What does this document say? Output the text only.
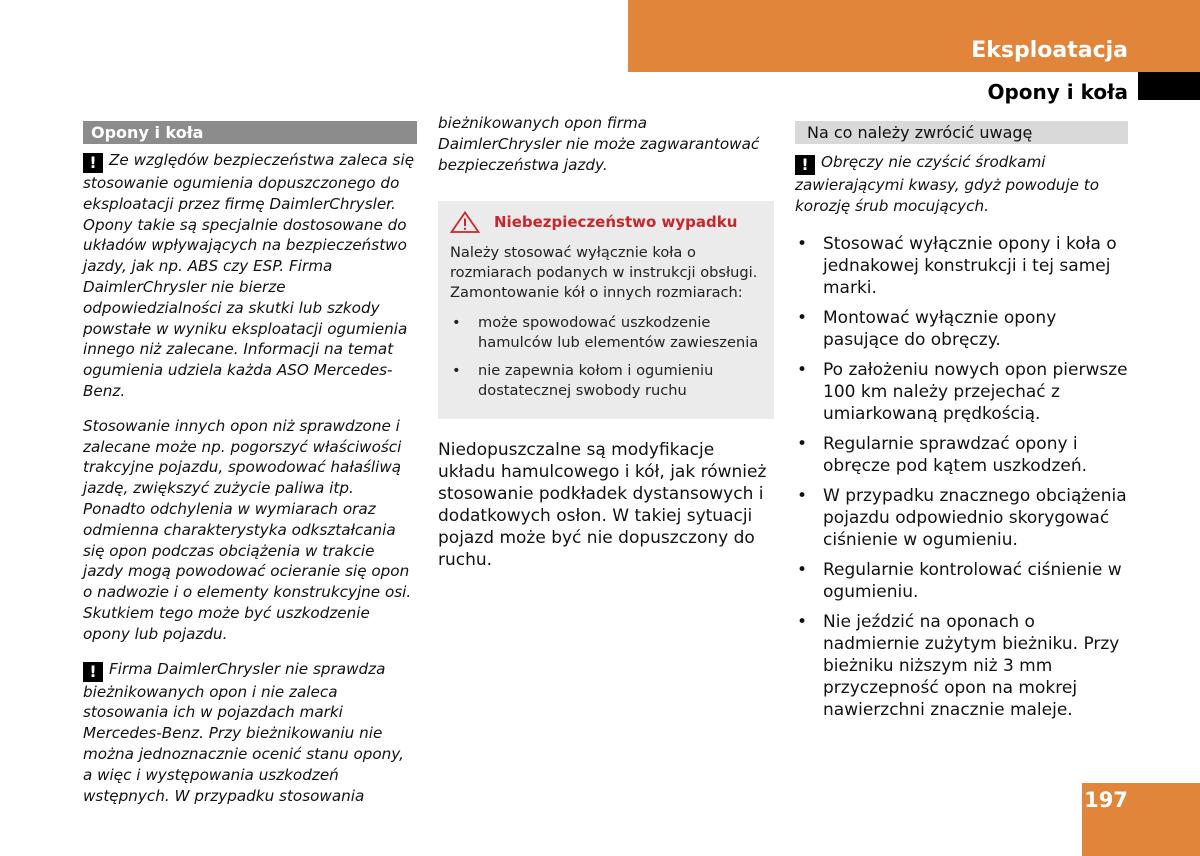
Eksploatacja
Opony i koła
Opony i koła

! Ze względów bezpieczeństwa zaleca się stosowanie ogumienia dopuszczonego do eksploatacji przez firmę DaimlerChrysler. Opony takie są specjalnie dostosowane do układów wpływających na bezpieczeństwo jazdy, jak np. ABS czy ESP. Firma DaimlerChrysler nie bierze odpowiedzialności za skutki lub szkody powstałe w wyniku eksploatacji ogumienia innego niż zalecane. Informacji na temat ogumienia udziela każda ASO Mercedes-Benz.

Stosowanie innych opon niż sprawdzone i zalecane może np. pogorszyć właściwości trakcyjne pojazdu, spowodować hałaśliwą jazdę, zwiększyć zużycie paliwa itp. Ponadto odchylenia w wymiarach oraz odmienna charakterystyka odkształcania się opon podczas obciążenia w trakcie jazdy mogą powodować ocieranie się opon o nadwozie i o elementy konstrukcyjne osi. Skutkiem tego może być uszkodzenie opony lub pojazdu.

! Firma DaimlerChrysler nie sprawdza bieżnikowanych opon i nie zaleca stosowania ich w pojazdach marki Mercedes-Benz. Przy bieżnikowaniu nie można jednoznacznie ocenić stanu opony, a więc i występowania uszkodzeń wstępnych. W przypadku stosowania

bieżnikowanych opon firma DaimlerChrysler nie może zagwarantować bezpieczeństwa jazdy.

Niebezpieczeństwo wypadku

Należy stosować wyłącznie koła o rozmiarach podanych w instrukcji obsługi. Zamontowanie kół o innych rozmiarach:

• może spowodować uszkodzenie hamulców lub elementów zawieszenia
• nie zapewnia kołom i ogumieniu dostatecznej swobody ruchu

Niedopuszczalne są modyfikacje układu hamulcowego i kół, jak również stosowanie podkładek dystansowych i dodatkowych osłon. W takiej sytuacji pojazd może być nie dopuszczony do ruchu.

Na co należy zwrócić uwagę

! Obręczy nie czyścić środkami zawierającymi kwasy, gdyż powoduje to korozję śrub mocujących.

• Stosować wyłącznie opony i koła o jednakowej konstrukcji i tej samej marki.
• Montować wyłącznie opony pasujące do obręczy.
• Po założeniu nowych opon pierwsze 100 km należy przejechać z umiarkowaną prędkością.
• Regularnie sprawdzać opony i obręcze pod kątem uszkodzeń.
• W przypadku znacznego obciążenia pojazdu odpowiednio skorygować ciśnienie w ogumieniu.
• Regularnie kontrolować ciśnienie w ogumieniu.
• Nie jeździć na oponach o nadmiernie zużytym bieżniku. Przy bieżniku niższym niż 3 mm przyczepność opon na mokrej nawierzchni znacznie maleje.
197
